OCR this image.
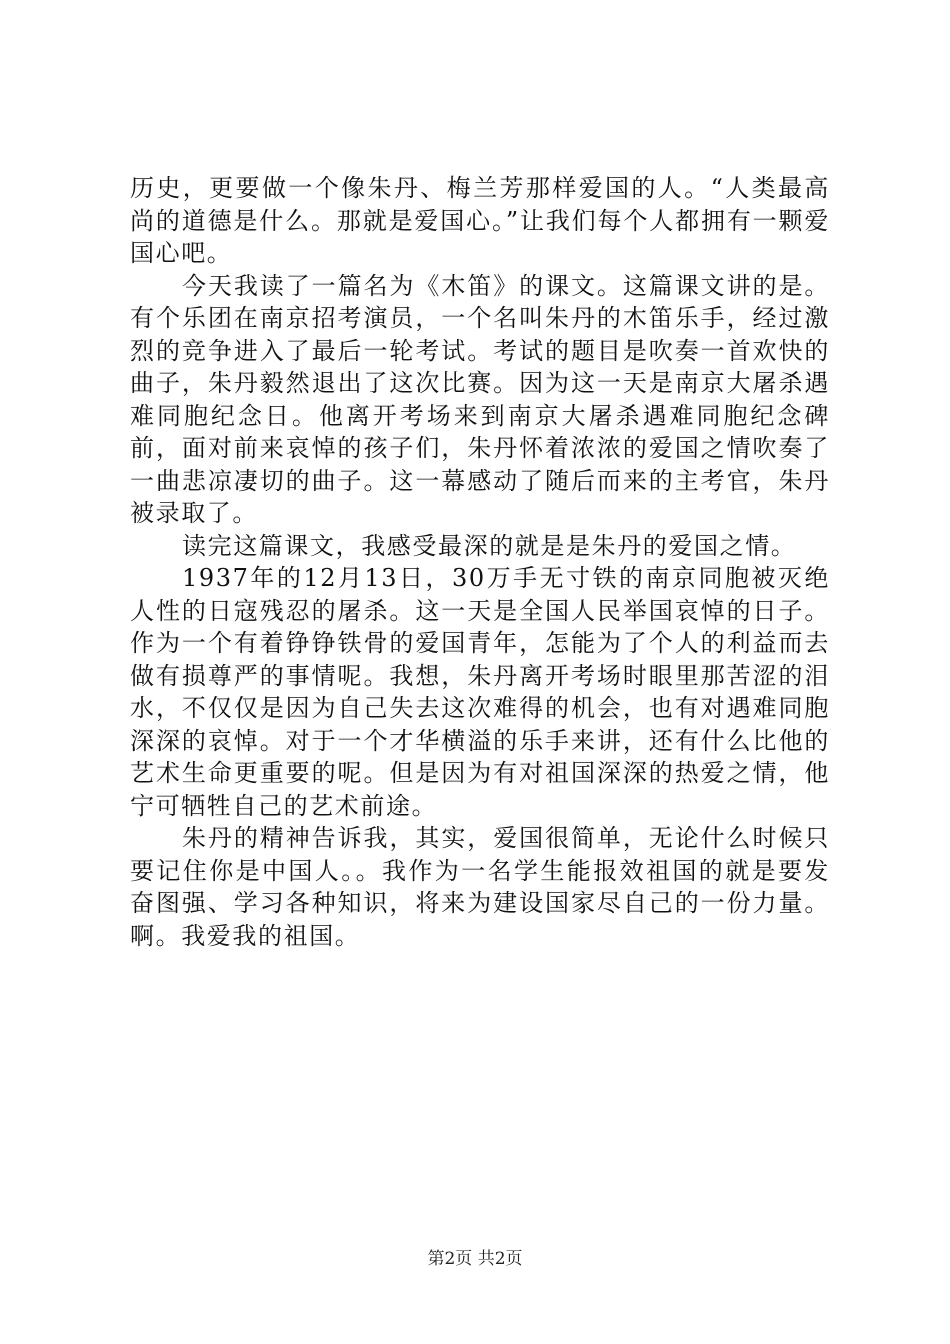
历史，更要做一个像朱丹、梅兰芳那样爱国的人。“人类最高尚的道德是什么。那就是爱国心。”让我们每个人都拥有一颗爱国心吧。

今天我读了一篇名为《木笛》的课文。这篇课文讲的是。有个乐团在南京招考演员，一个名叫朱丹的木笛乐手，经过激烈的竞争进入了最后一轮考试。考试的题目是吹奏一首欢快的曲子，朱丹毅然退出了这次比赛。因为这一天是南京大屠杀遇难同胞纪念日。他离开考场来到南京大屠杀遇难同胞纪念碑前，面对前来哀悼的孩子们，朱丹怀着浓浓的爱国之情吹奏了一曲悲凉凄切的曲子。这一幕感动了随后而来的主考官，朱丹被录取了。

读完这篇课文，我感受最深的就是是朱丹的爱国之情。

1937年的12月13日，30万手无寸铁的南京同胞被灭绝人性的日寇残忍的屠杀。这一天是全国人民举国哀悼的日子。作为一个有着铮铮铁骨的爱国青年，怎能为了个人的利益而去做有损尊严的事情呢。我想，朱丹离开考场时眼里那苦涩的泪水，不仅仅是因为自己失去这次难得的机会，也有对遇难同胞深深的哀悼。对于一个才华横溢的乐手来讲，还有什么比他的艺术生命更重要的呢。但是因为有对祖国深深的热爱之情，他宁可牺牲自己的艺术前途。

朱丹的精神告诉我，其实，爱国很简单，无论什么时候只要记住你是中国人。。我作为一名学生能报效祖国的就是要发奋图强、学习各种知识，将来为建设国家尽自己的一份力量。啊。我爱我的祖国。

第2页 共2页
